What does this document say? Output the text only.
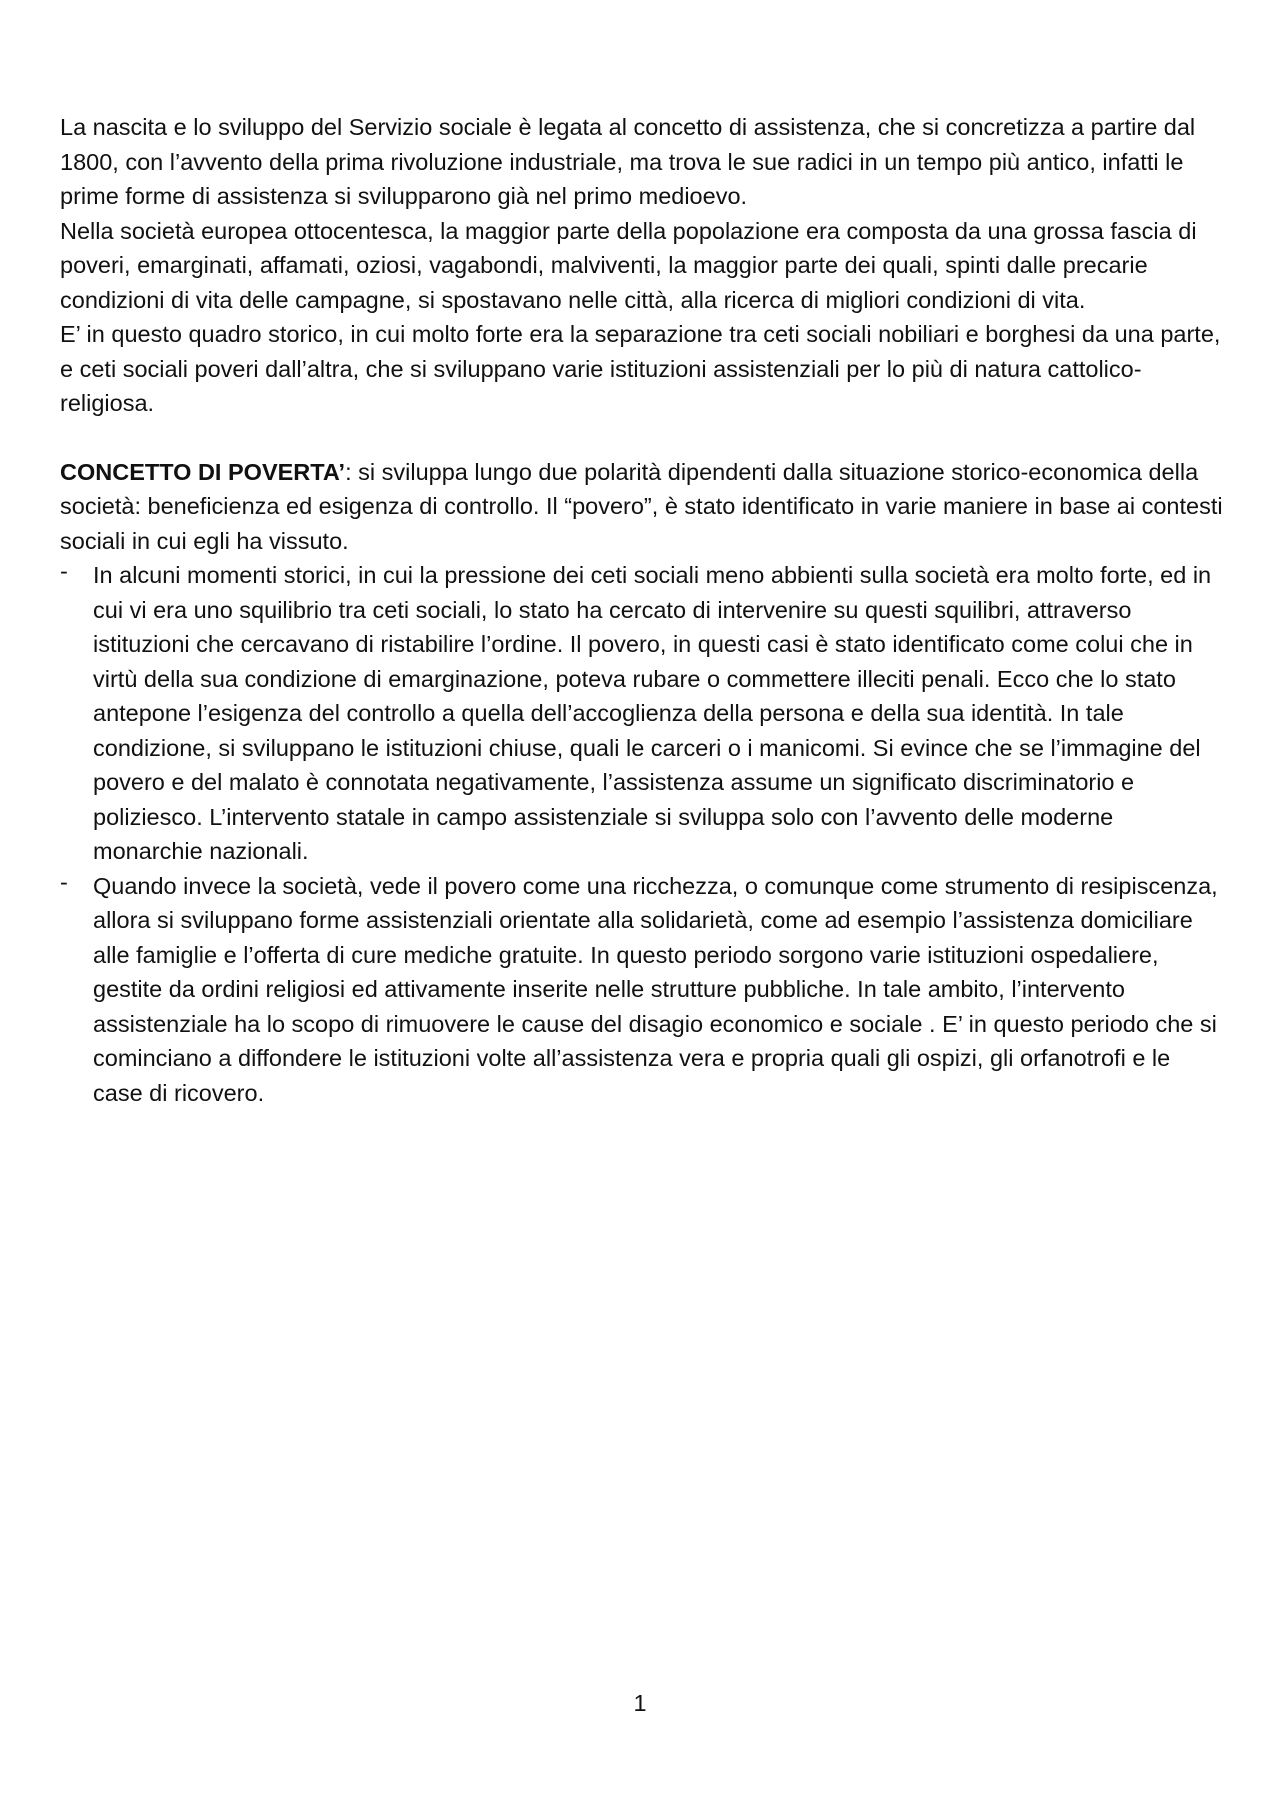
La nascita e lo sviluppo del Servizio sociale è legata al concetto di assistenza, che si concretizza a partire dal 1800, con l’avvento della prima rivoluzione industriale, ma trova le sue radici in un tempo più antico, infatti le prime forme di assistenza si svilupparono già nel primo medioevo.

Nella società europea ottocentesca, la maggior parte della popolazione era composta da una grossa fascia di poveri, emarginati, affamati, oziosi, vagabondi, malviventi, la maggior parte dei quali, spinti dalle precarie condizioni di vita delle campagne, si spostavano nelle città, alla ricerca di migliori condizioni di vita.

E’ in questo quadro storico, in cui molto forte era la separazione tra ceti sociali nobiliari e borghesi da una parte, e ceti sociali poveri dall’altra, che si sviluppano varie istituzioni assistenziali per lo più di natura cattolico-religiosa.

CONCETTO DI POVERTA’: si sviluppa lungo due polarità dipendenti dalla situazione storico-economica della società: beneficienza ed esigenza di controllo. Il “povero”, è stato identificato in varie maniere in base ai contesti sociali in cui egli ha vissuto.

- In alcuni momenti storici, in cui la pressione dei ceti sociali meno abbienti sulla società era molto forte, ed in cui vi era uno squilibrio tra ceti sociali, lo stato ha cercato di intervenire su questi squilibri, attraverso istituzioni che cercavano di ristabilire l’ordine. Il povero, in questi casi è stato identificato come colui che in virtù della sua condizione di emarginazione, poteva rubare o commettere illeciti penali. Ecco che lo stato antepone l’esigenza del controllo a quella dell’accoglienza della persona e della sua identità. In tale condizione, si sviluppano le istituzioni chiuse, quali le carceri o i manicomi. Si evince che se l’immagine del povero e del malato è connotata negativamente, l’assistenza assume un significato discriminatorio e poliziesco. L’intervento statale in campo assistenziale si sviluppa solo con l’avvento delle moderne monarchie nazionali.
- Quando invece la società, vede il povero come una ricchezza, o comunque come strumento di resipiscenza, allora si sviluppano forme assistenziali orientate alla solidarietà, come ad esempio l’assistenza domiciliare alle famiglie e l’offerta di cure mediche gratuite. In questo periodo sorgono varie istituzioni ospedaliere, gestite da ordini religiosi ed attivamente inserite nelle strutture pubbliche. In tale ambito, l’intervento assistenziale ha lo scopo di rimuovere le cause del disagio economico e sociale . E’ in questo periodo che si cominciano a diffondere le istituzioni volte all’assistenza vera e propria quali gli ospizi, gli orfanotrofi e le case di ricovero.
1
